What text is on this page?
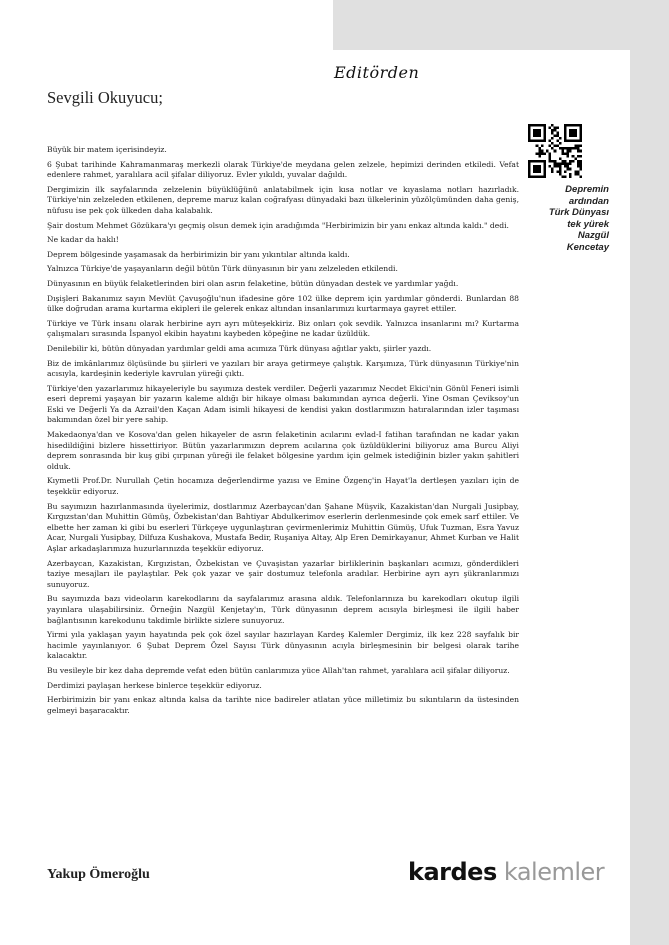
Editörden
Sevgili Okuyucu;

Büyük bir matem içerisindeyiz.

6 Şubat tarihinde Kahramanmaraş merkezli olarak Türkiye'de meydana gelen zelzele, hepimizi derinden etkiledi. Vefat edenlere rahmet, yaralılara acil şifalar diliyoruz. Evler yıkıldı, yuvalar dağıldı.

Dergimizin ilk sayfalarında zelzelenin büyüklüğünü anlatabilmek için kısa notlar ve kıyaslama notları hazırladık. Türkiye'nin zelzeleden etkilenen, depreme maruz kalan coğrafyası dünyadaki bazı ülkelerinin yüzölçümünden daha geniş, nüfusu ise pek çok ülkeden daha kalabalık.

Şair dostum Mehmet Gözükara'yı geçmiş olsun demek için aradığımda "Herbirimizin bir yanı enkaz altında kaldı." dedi.

Ne kadar da haklı!

Deprem bölgesinde yaşamasak da herbirimizin bir yanı yıkıntılar altında kaldı.

Yalnızca Türkiye'de yaşayanların değil bütün Türk dünyasının bir yanı zelzeleden etkilendi.

Dünyasının en büyük felaketlerinden biri olan asrın felaketine, bütün dünyadan destek ve yardımlar yağdı.

Dışişleri Bakanımız sayın Mevlüt Çavuşoğlu'nun ifadesine göre 102 ülke deprem için yardımlar gönderdi. Bunlardan 88 ülke doğrudan arama kurtarma ekipleri ile gelerek enkaz altından insanlarımızı kurtarmaya gayret ettiler.

Türkiye ve Türk insanı olarak herbirine ayrı ayrı müteşekkiriz. Biz onları çok sevdik. Yalnızca insanlarını mı? Kurtarma çalışmaları sırasında İspanyol ekibin hayatını kaybeden köpeğine ne kadar üzüldük.

Denilebilir ki, bütün dünyadan yardımlar geldi ama acımıza Türk dünyası ağıtlar yaktı, şiirler yazdı.

Biz de imkânlarımız ölçüsünde bu şiirleri ve yazıları bir araya getirmeye çalıştık. Karşımıza, Türk dünyasının Türkiye'nin acısıyla, kardeşinin kederiyle kavrulan yüreği çıktı.

Türkiye'den yazarlarımız hikayeleriyle bu sayımıza destek verdiler. Değerli yazarımız Necdet Ekici'nin Gönül Feneri isimli eseri depremi yaşayan bir yazarın kaleme aldığı bir hikaye olması bakımından ayrıca değerli. Yine Osman Çeviksoy'un Eski ve Değerli Ya da Azrail'den Kaçan Adam isimli hikayesi de kendisi yakın dostlarımızın hatıralarından izler taşıması bakımından özel bir yere sahip.

Makedaonya'dan ve Kosova'dan gelen hikayeler de asrın felaketinin acılarını evlad-I fatihan tarafından ne kadar yakın hisedildiğini bizlere hissettiriyor. Bütün yazarlarımızın deprem acılarına çok üzüldüklerini biliyoruz ama Burcu Aliyi deprem sonrasında bir kuş gibi çırpınan yüreği ile felaket bölgesine yardım için gelmek istediğinin bizler yakın şahitleri olduk.

Kıymetli Prof.Dr. Nurullah Çetin hocamıza değerlendirme yazısı ve Emine Özgenç'in Hayat'la dertleşen yazıları için de teşekkür ediyoruz.

Bu sayımızın hazırlanmasında üyelerimiz, dostlarımız Azerbaycan'dan Şahane Müşvik, Kazakistan'dan Nurgali Jusipbay, Kırgızstan'dan Muhittin Gümüş, Özbekistan'dan Bahtiyar Abdulkerimov eserlerin derlenmesinde çok emek sarf ettiler. Ve elbette her zaman ki gibi bu eserleri Türkçeye uygunlaştıran çevirmenlerimiz Muhittin Gümüş, Ufuk Tuzman, Esra Yavuz Acar, Nurgali Yusipbay, Dilfuza Kushakova, Mustafa Bedir, Ruşaniya Altay, Alp Eren Demirkayanur, Ahmet Kurban ve Halit Aşlar arkadaşlarımıza huzurlarınızda teşekkür ediyoruz.

Azerbaycan, Kazakistan, Kırgızistan, Özbekistan ve Çuvaşistan yazarlar birliklerinin başkanları acımızı, gönderdikleri taziye mesajları ile paylaştılar. Pek çok yazar ve şair dostumuz telefonla aradılar. Herbirine ayrı ayrı şükranlarımızı sunuyoruz.

Bu sayımızda bazı videoların karekodlarını da sayfalarımız arasına aldık. Telefonlarınıza bu karekodları okutup ilgili yayınlara ulaşabilirsiniz. Örneğin Nazgül Kenjetay'ın, Türk dünyasının deprem acısıyla birleşmesi ile ilgili haber bağlantısının karekodunu takdimle birlikte sizlere sunuyoruz.

Yirmi yıla yaklaşan yayın hayatında pek çok özel sayılar hazırlayan Kardeş Kalemler Dergimiz, ilk kez 228 sayfalık bir hacimle yayınlanıyor. 6 Şubat Deprem Özel Sayısı Türk dünyasının acıyla birleşmesinin bir belgesi olarak tarihe kalacaktır.

Bu vesileyle bir kez daha depremde vefat eden bütün canlarımıza yüce Allah'tan rahmet, yaralılara acil şifalar diliyoruz.

Derdimizi paylaşan herkese binlerce teşekkür ediyoruz.

Herbirimizin bir yanı enkaz altında kalsa da tarihte nice badireler atlatan yüce milletimiz bu sıkıntıların da üstesinden gelmeyi başaracaktır.

Depremin
ardından
Türk Dünyası
tek yürek
Nazgül
Kencetay
Yakup Ömeroğlu	kardes kalemler
